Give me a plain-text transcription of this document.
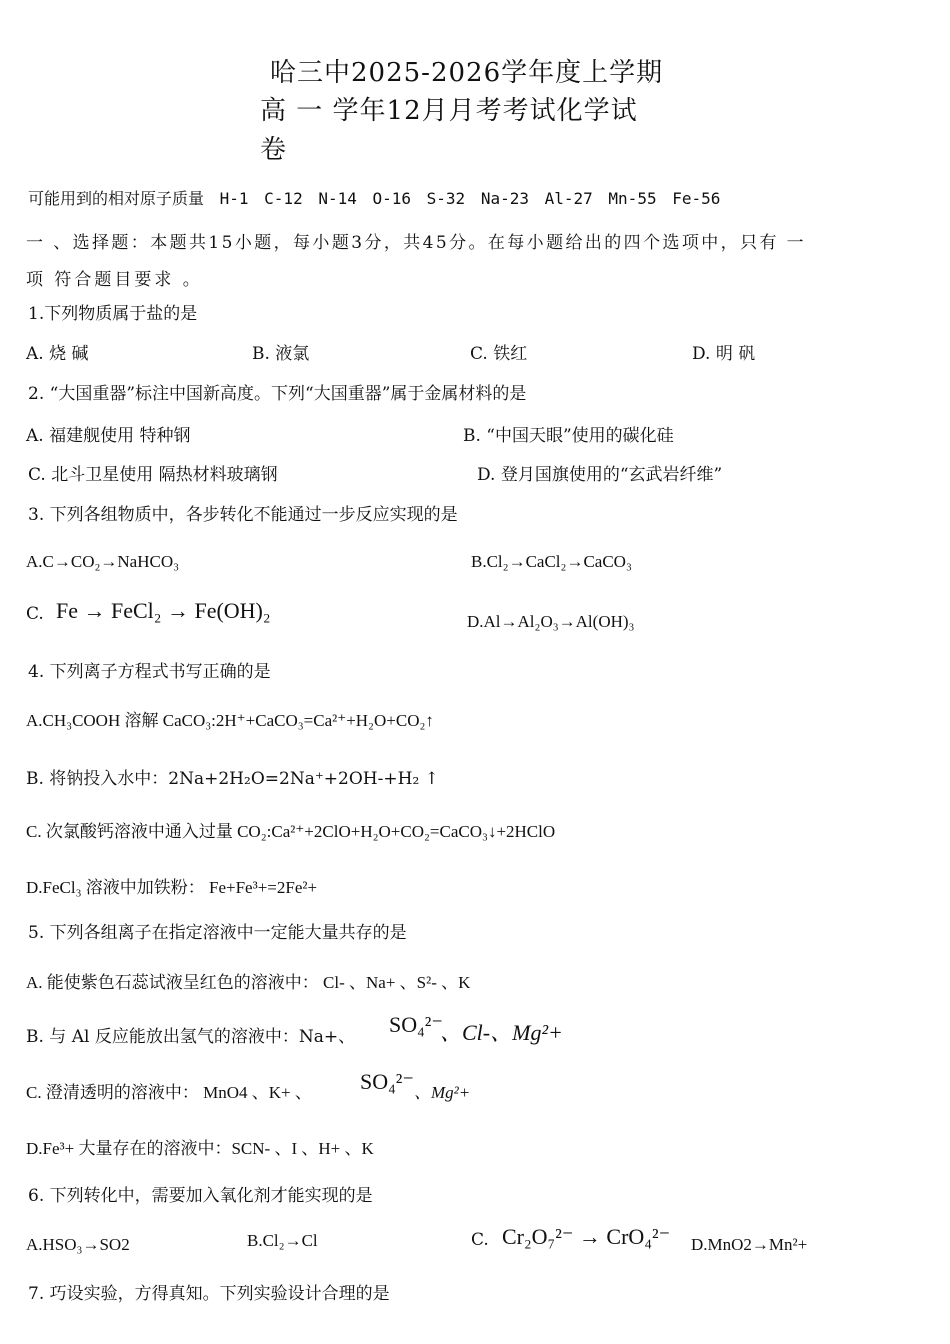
哈三中2025-2026学年度上学期
高 一 学年12月月考考试化学试
卷
可能用到的相对原子质量 H-1 C-12 N-14 O-16 S-32 Na-23 Al-27 Mn-55 Fe-56
一 、选择题：本题共15小题，每小题3分，共45分。在每小题给出的四个选项中，只有 一
项 符合题目要求 。
1.下列物质属于盐的是
A. 烧 碱	B. 液氯	C. 铁红	D. 明 矾
2. “大国重器”标注中国新高度。下列“大国重器”属于金属材料的是
A. 福建舰使用 特种钢	B. “中国天眼”使用的碳化硅
C. 北斗卫星使用 隔热材料玻璃钢	D. 登月国旗使用的“玄武岩纤维”
3. 下列各组物质中，各步转化不能通过一步反应实现的是
A.C→CO₂→NaHCO₃	B.Cl₂→CaCl₂→CaCO₃
C. Fe → FeCl₂ → Fe(OH)₂	D.Al→Al₂O₃→Al(OH)₃
4. 下列离子方程式书写正确的是
A.CH₃COOH 溶解 CaCO₃:2H⁺+CaCO₃=Ca²⁺+H₂O+CO₂↑
B. 将钠投入水中：2Na+2H₂O=2Na⁺+2OH-+H₂ ↑
C. 次氯酸钙溶液中通入过量 CO₂:Ca²⁺+2ClO+H₂O+CO₂=CaCO₃↓+2HClO
D.FeCl₃ 溶液中加铁粉： Fe+Fe³+=2Fe²+
5. 下列各组离子在指定溶液中一定能大量共存的是
A. 能使紫色石蕊试液呈红色的溶液中： Cl- 、Na+ 、S²- 、K
B. 与 Al 反应能放出氢气的溶液中：Na+、 SO₄²⁻
、Cl-、Mg²+
C. 澄清透明的溶液中： MnO4 、K+ 、 SO₄²⁻ 、Mg²+
D.Fe³+ 大量存在的溶液中：SCN- 、I 、H+ 、K
6. 下列转化中，需要加入氧化剂才能实现的是
A.HSO₃→SO2	B.Cl₂→Cl	C. Cr₂O₇²⁻ → CrO₄²⁻ D.MnO2→Mn²+
7. 巧设实验，方得真知。下列实验设计合理的是
